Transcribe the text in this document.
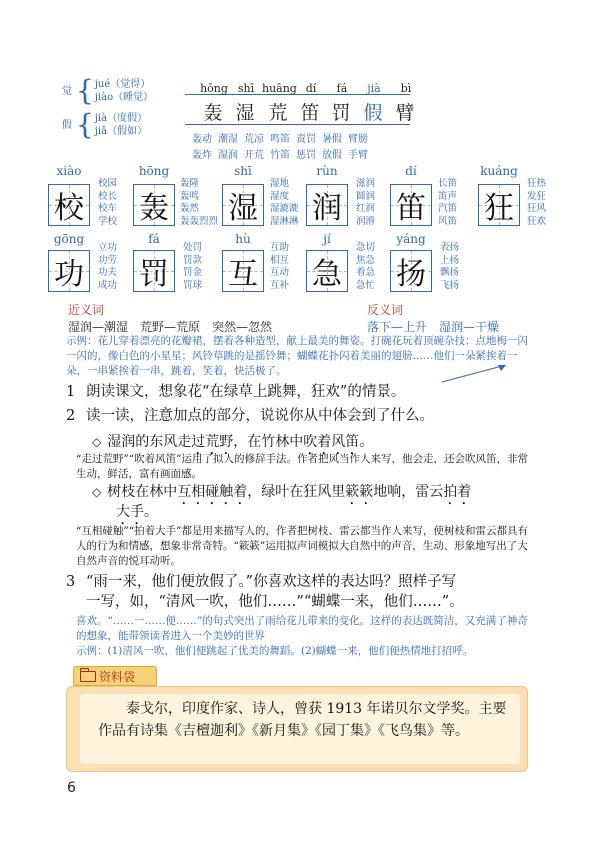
觉 { jué（觉得）
jiào（睡觉）
假 { jià（度假）
jiǎ（假如）
hōng shī huāng dí	fá	jià	bì
轰 湿 荒 笛 罚 假 臂
轰动 潮湿 荒凉 鸣笛 责罚 暑假 臂膀
轰炸 湿润 开荒 竹笛 惩罚 放假 手臂
xiào
校
校园
校长
校车
学校
hōng
轰
轰隆
轰鸣
轰然
轰轰烈烈
shī
湿
湿地
湿度
湿漉漉
湿淋淋
rùn
润
滋润
圆润
红润
润滑
dí
笛
长笛
笛声
汽笛
风笛
kuáng
狂
狂热
发狂
狂风
狂欢
gōng
功
立功
功劳
功夫
成功
fá
罚
处罚
罚款
罚金
罚球
hù
互
互助
相互
互动
互补
jí
急
急切
焦急
着急
急忙
yáng
扬
表扬
上扬
飘扬
飞扬
近义词
湿润—潮湿　荒野—荒原　突然—忽然
反义词
落下—上升　湿润—干燥
示例：花儿穿着漂亮的花瓣裙，摆着各种造型，献上最美的舞姿。打碗花玩着顶碗杂技；点地梅一闪一闪的，像白色的小星星；风铃草跳的是摇铃舞；蝴蝶花扑闪着美丽的翅膀……他们一朵紧挨着一朵，一串紧挨着一串，跳着，笑着，快活极了。
1 朗读课文，想象花“在绿草上跳舞，狂欢”的情景。
2 读一读，注意加点的部分，说说你从中体会到了什么。
◇ 湿润的东风走过荒野，在竹林中吹着风笛。
“走过荒野”“吹着风笛”运用了拟人的修辞手法。作者把风当作人来写，他会走，还会吹风笛，非常生动，鲜活，富有画面感。
◇ 树枝在林中互相碰触着，绿叶在狂风里簌簌地响，雷云拍着
大手。
“互相碰触”“拍着大手”都是用来描写人的，作者把树枝、雷云都当作人来写，使树枝和雷云都具有人的行为和情感，想象非常奇特。“簌簌”运用拟声词模拟大自然中的声音，生动、形象地写出了大自然声音的悦耳动听。
3 “雨一来，他们便放假了。”你喜欢这样的表达吗？照样子写
一写，如，“清风一吹，他们……”“蝴蝶一来，他们……”。
喜欢。“……一……便……”的句式突出了雨给花儿带来的变化。这样的表达既简洁，又充满了神奇的想象，能带领读者进入一个美妙的世界
示例：(1)清风一吹，他们便跳起了优美的舞蹈。(2)蝴蝶一来，他们便热情地打招呼。
资料袋
泰戈尔，印度作家、诗人，曾获 1913 年诺贝尔文学奖。主要作品有诗集《吉檀迦利》《新月集》《园丁集》《飞鸟集》等。
6
